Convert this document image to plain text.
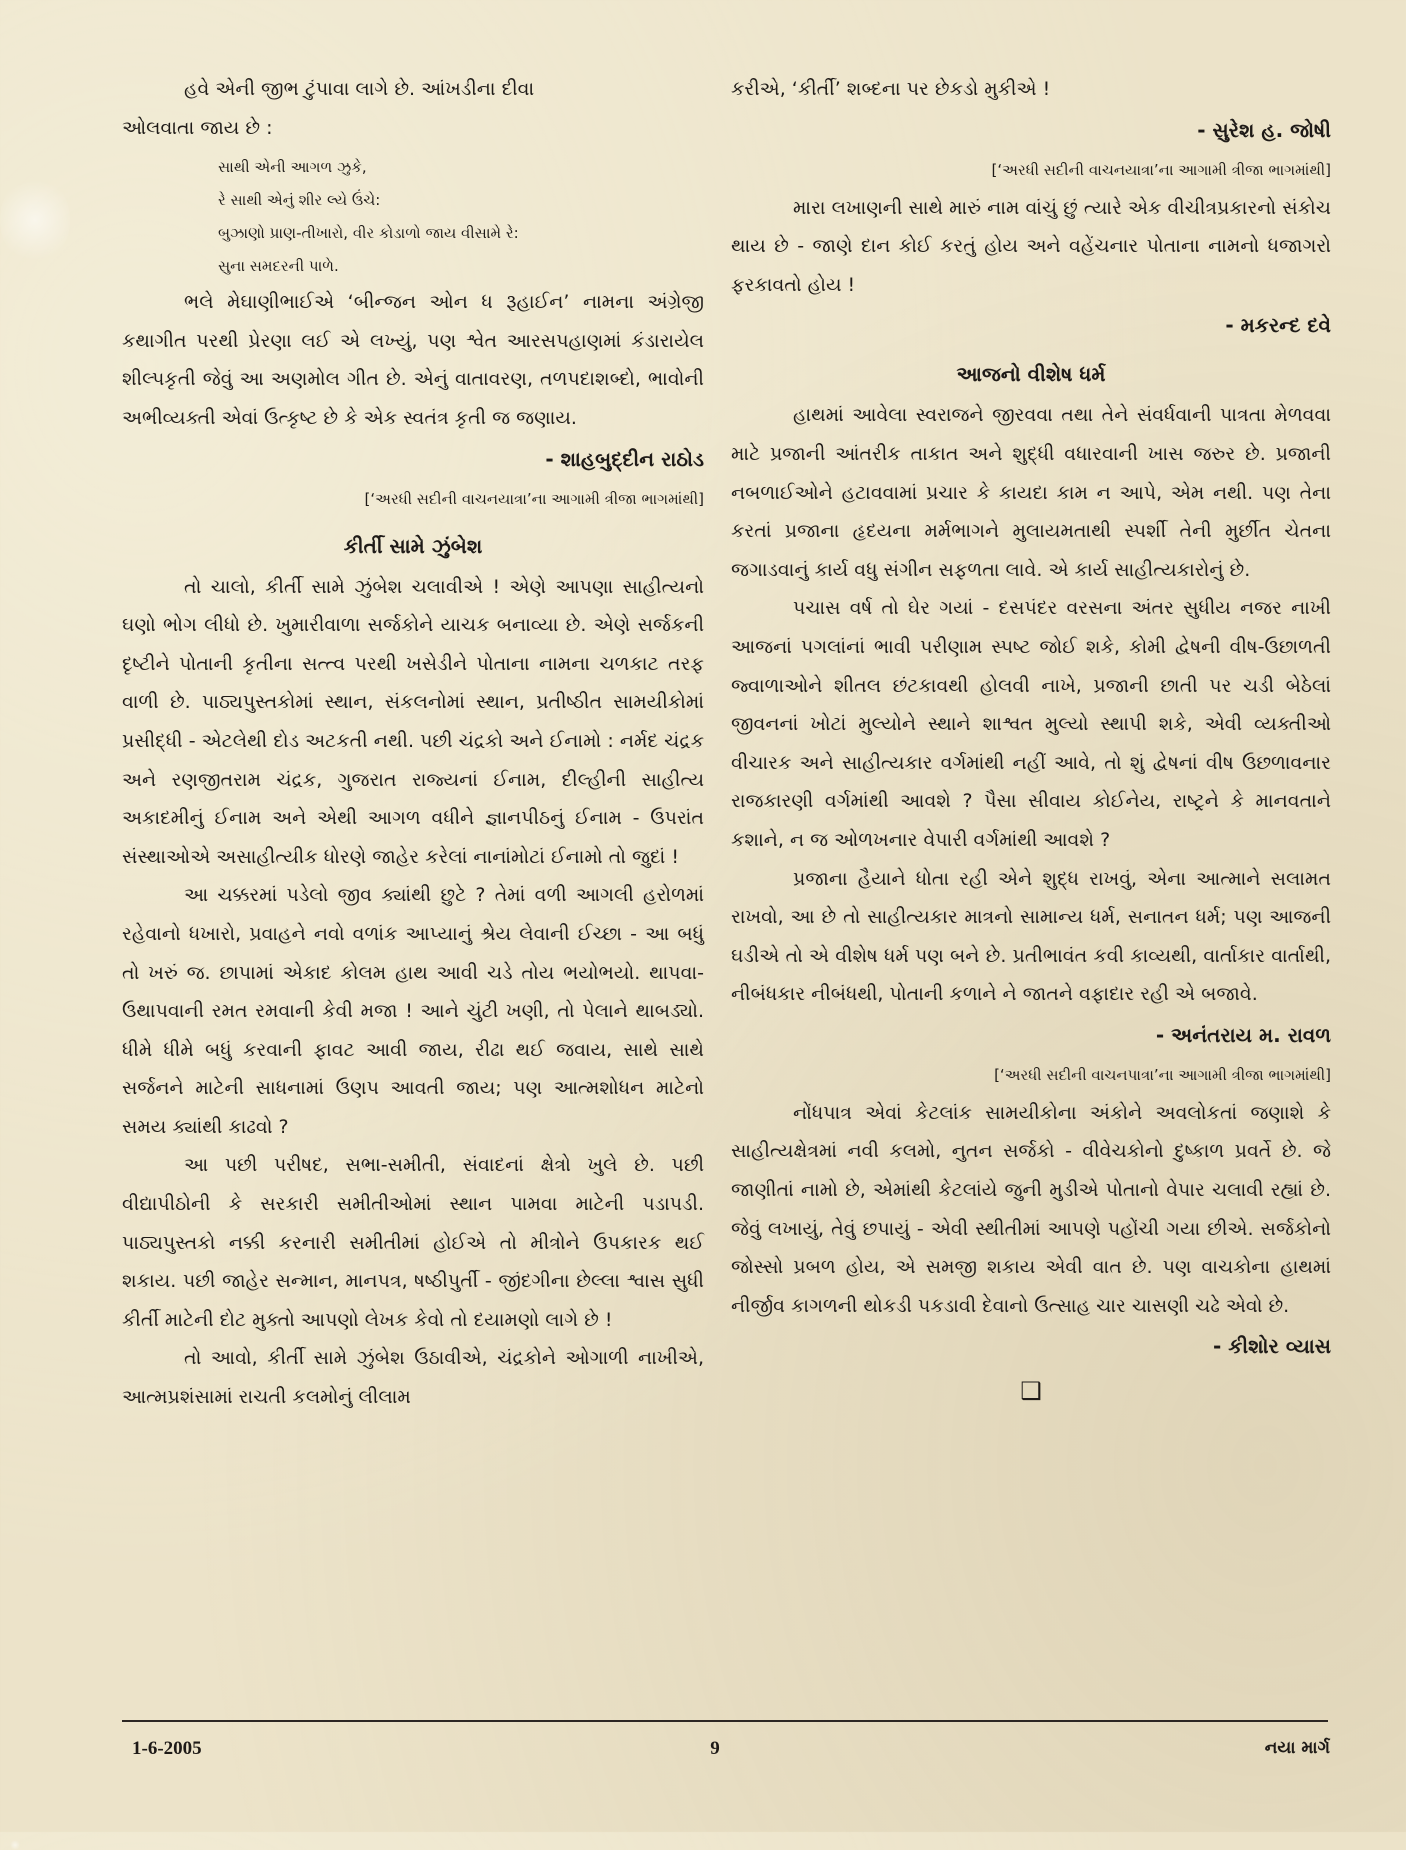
હવે એની જીભ ટુંપાવા લાગે છે. આંખડીના દીવા

ઓલવાતા જાય છે :

સાથી એની આગળ ઝુકે,
રે સાથી એનું શીર લ્યે ઉંચે:
બુઝાણો પ્રાણ-તીખારો, વીર કોડાળો જાય વીસામે રે:
સુના સમદરની પાળે.

ભલે મેઘાણીભાઈએ ‘બીન્જન ઓન ધ રૂહાઈન’ નામના અંગ્રેજી કથાગીત પરથી પ્રેરણા લઈ એ લખ્યું, પણ શ્વેત આરસપહાણમાં કંડારાયેલ શીલ્પકૃતી જેવું આ અણમોલ ગીત છે. એનું વાતાવરણ, તળપદાશબ્દો, ભાવોની અભીવ્યક્તી એવાં ઉત્કૃષ્ટ છે કે એક સ્વતંત્ર કૃતી જ જણાય.

- શાહબુદ્દીન રાઠોડ

[‘અરધી સદીની વાચનયાત્રા’ના આગામી ત્રીજા ભાગમાંથી]

કીર્તી સામે ઝુંબેશ

તો ચાલો, કીર્તી સામે ઝુંબેશ ચલાવીએ ! એણે આપણા સાહીત્યનો ઘણો ભોગ લીધો છે. ખુમારીવાળા સર્જકોને યાચક બનાવ્યા છે. એણે સર્જકની દૃષ્ટીને પોતાની કૃતીના સત્ત્વ પરથી ખસેડીને પોતાના નામના ચળકાટ તરફ વાળી છે. પાઠ્યપુસ્તકોમાં સ્થાન, સંકલનોમાં સ્થાન, પ્રતીષ્ઠીત સામયીકોમાં પ્રસીદ્ધી - એટલેથી દોડ અટકતી નથી. પછી ચંદ્રકો અને ઈનામો : નર્મદ ચંદ્રક અને રણજીતરામ ચંદ્રક, ગુજરાત રાજ્યનાં ઈનામ, દીલ્હીની સાહીત્ય અકાદમીનું ઈનામ અને એથી આગળ વધીને જ્ઞાનપીઠનું ઈનામ - ઉપરાંત સંસ્થાઓએ અસાહીત્યીક ધોરણે જાહેર કરેલાં નાનાંમોટાં ઈનામો તો જુદાં !

આ ચક્કરમાં પડેલો જીવ ક્યાંથી છુટે ? તેમાં વળી આગલી હરોળમાં રહેવાનો ધખારો, પ્રવાહને નવો વળાંક આપ્યાનું શ્રેય લેવાની ઈચ્છા - આ બધું તો ખરું જ. છાપામાં એકાદ કોલમ હાથ આવી ચડે તોય ભયોભયો. થાપવા-ઉથાપવાની રમત રમવાની કેવી મજા ! આને ચુંટી ખણી, તો પેલાને થાબડ્યો. ધીમે ધીમે બધું કરવાની ફાવટ આવી જાય, રીઢા થઈ જવાય, સાથે સાથે સર્જનને માટેની સાધનામાં ઉણપ આવતી જાય; પણ આત્મશોધન માટેનો સમય ક્યાંથી કાઢવો ?

આ પછી પરીષદ, સભા-સમીતી, સંવાદનાં ક્ષેત્રો ખુલે છે. પછી વીદ્યાપીઠોની કે સરકારી સમીતીઓમાં સ્થાન પામવા માટેની પડાપડી. પાઠ્યપુસ્તકો નક્કી કરનારી સમીતીમાં હોઈએ તો મીત્રોને ઉપકારક થઈ શકાય. પછી જાહેર સન્માન, માનપત્ર, ષષ્ઠીપુર્તી - જીંદગીના છેલ્લા શ્વાસ સુધી કીર્તી માટેની દોટ મુક્તો આપણો લેખક કેવો તો દયામણો લાગે છે !

તો આવો, કીર્તી સામે ઝુંબેશ ઉઠાવીએ, ચંદ્રકોને ઓગાળી નાખીએ, આત્મપ્રશંસામાં રાચતી કલમોનું લીલામ

કરીએ, ‘કીર્તી’ શબ્દના પર છેકડો મુકીએ !

- સુરેશ હ. જોષી

[‘અરધી સદીની વાચનયાત્રા’ના આગામી ત્રીજા ભાગમાંથી]

મારા લખાણની સાથે મારું નામ વાંચું છું ત્યારે એક વીચીત્રપ્રકારનો સંકોચ થાય છે - જાણે દાન કોઈ કરતું હોય અને વહેંચનાર પોતાના નામનો ધજાગરો ફરકાવતો હોય !

- મકરન્દ દવે

આજનો વીશેષ ધર્મ

હાથમાં આવેલા સ્વરાજને જીરવવા તથા તેને સંવર્ધવાની પાત્રતા મેળવવા માટે પ્રજાની આંતરીક તાકાત અને શુદ્ધી વધારવાની ખાસ જરુર છે. પ્રજાની નબળાઈઓને હટાવવામાં પ્રચાર કે કાયદા કામ ન આપે, એમ નથી. પણ તેના કરતાં પ્રજાના હૃદયના મર્મભાગને મુલાયમતાથી સ્પર્શી તેની મુર્છીત ચેતના જગાડવાનું કાર્ય વધુ સંગીન સફળતા લાવે. એ કાર્ય સાહીત્યકારોનું છે.

પચાસ વર્ષ તો ઘેર ગયાં - દસપંદર વરસના અંતર સુધીય નજર નાખી આજનાં પગલાંનાં ભાવી પરીણામ સ્પષ્ટ જોઈ શકે, કોમી દ્વેષની વીષ-ઉછાળતી જ્વાળાઓને શીતલ છંટકાવથી હોલવી નાખે, પ્રજાની છાતી પર ચડી બેઠેલાં જીવનનાં ખોટાં મુલ્યોને સ્થાને શાશ્વત મુલ્યો સ્થાપી શકે, એવી વ્યક્તીઓ વીચારક અને સાહીત્યકાર વર્ગમાંથી નહીં આવે, તો શું દ્વેષનાં વીષ ઉછળાવનાર રાજકારણી વર્ગમાંથી આવશે ? પૈસા સીવાય કોઈનેય, રાષ્ટ્રને કે માનવતાને કશાને, ન જ ઓળખનાર વેપારી વર્ગમાંથી આવશે ?

પ્રજાના હૈયાને ધોતા રહી એને શુદ્ધ રાખવું, એના આત્માને સલામત રાખવો, આ છે તો સાહીત્યકાર માત્રનો સામાન્ય ધર્મ, સનાતન ધર્મ; પણ આજની ઘડીએ તો એ વીશેષ ધર્મ પણ બને છે. પ્રતીભાવંત કવી કાવ્યથી, વાર્તાકાર વાર્તાથી, નીબંધકાર નીબંધથી, પોતાની કળાને ને જાતને વફાદાર રહી એ બજાવે.

- અનંતરાય મ. રાવળ

[‘અરધી સદીની વાચનપાત્રા’ના આગામી ત્રીજા ભાગમાંથી]

નોંધપાત્ર એવાં કેટલાંક સામયીકોના અંકોને અવલોકતાં જણાશે કે સાહીત્યક્ષેત્રમાં નવી કલમો, નુતન સર્જકો - વીવેચકોનો દુષ્કાળ પ્રવર્તે છે. જે જાણીતાં નામો છે, એમાંથી કેટલાંયે જુની મુડીએ પોતાનો વેપાર ચલાવી રહ્યાં છે. જેવું લખાયું, તેવું છપાયું - એવી સ્થીતીમાં આપણે પહોંચી ગયા છીએ. સર્જકોનો જોસ્સો પ્રબળ હોય, એ સમજી શકાય એવી વાત છે. પણ વાચકોના હાથમાં નીર્જીવ કાગળની થોકડી પકડાવી દેવાનો ઉત્સાહ ચાર ચાસણી ચઢે એવો છે.

- કીશોર વ્યાસ

❑
1-6-2005	9	નયા માર્ગ
